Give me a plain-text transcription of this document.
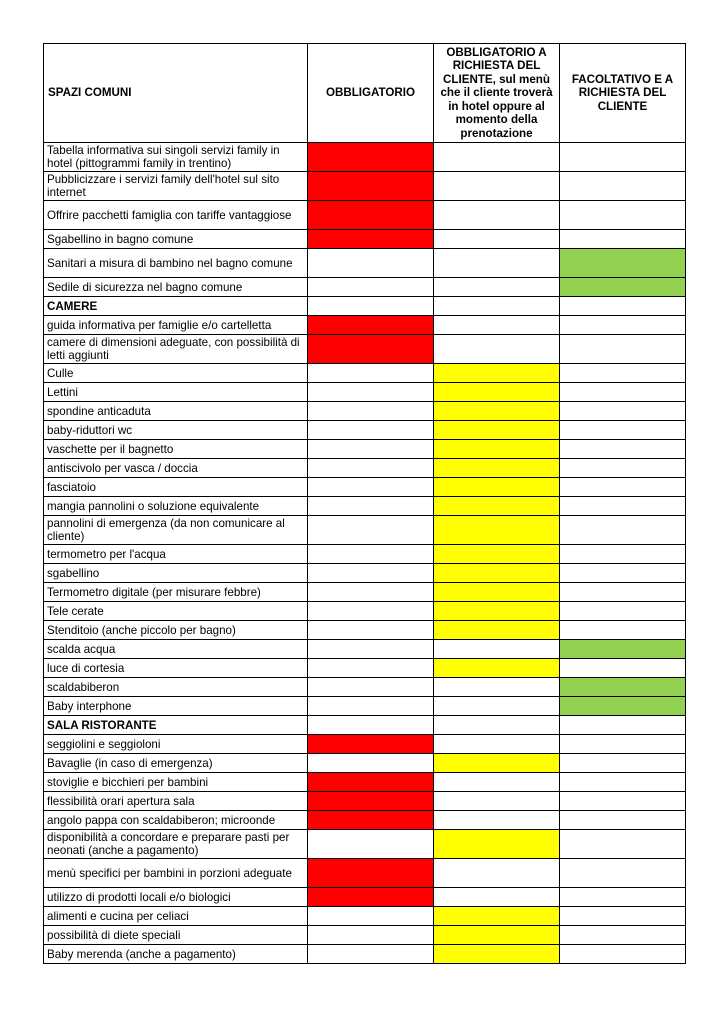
SPAZI COMUNI	OBBLIGATORIO	OBBLIGATORIO A RICHIESTA DEL CLIENTE, sul menù che il cliente troverà in hotel oppure al momento della prenotazione	FACOLTATIVO E A RICHIESTA DEL CLIENTE
Tabella informativa sui singoli servizi family in hotel (pittogrammi family in trentino)			
Pubblicizzare i servizi family dell'hotel sul sito internet			
Offrire pacchetti famiglia con tariffe vantaggiose			
Sgabellino in bagno comune			
Sanitari a misura di bambino nel bagno comune			
Sedile di sicurezza nel bagno comune			
CAMERE			
guida informativa per famiglie e/o cartelletta			
camere di dimensioni adeguate, con possibilità di letti aggiunti			
Culle			
Lettini			
spondine anticaduta			
baby-riduttori wc			
vaschette per il bagnetto			
antiscivolo per vasca / doccia			
fasciatoio			
mangia pannolini o soluzione equivalente			
pannolini di emergenza (da non comunicare al cliente)			
termometro per l'acqua			
sgabellino			
Termometro digitale (per misurare febbre)			
Tele cerate			
Stenditoio (anche piccolo per bagno)			
scalda acqua			
luce di cortesia			
scaldabiberon			
Baby interphone			
SALA RISTORANTE			
seggiolini e seggioloni			
Bavaglie (in caso di emergenza)			
stoviglie e bicchieri per bambini			
flessibilità orari apertura sala			
angolo pappa con scaldabiberon; microonde			
disponibilità a concordare e preparare pasti per neonati (anche a pagamento)			
menù specifici per bambini in porzioni adeguate			
utilizzo di prodotti locali e/o biologici			
alimenti e cucina per celiaci			
possibilità di diete speciali			
Baby merenda (anche a pagamento)			
